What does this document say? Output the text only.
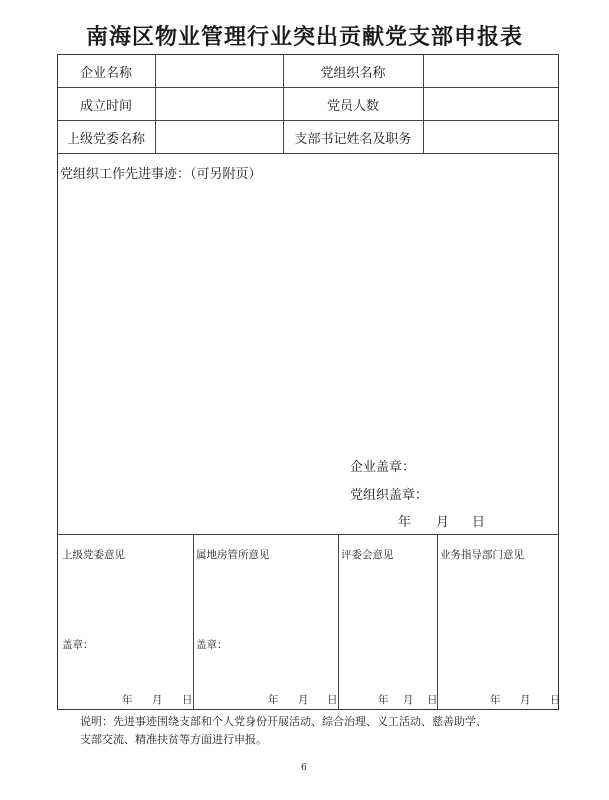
南海区物业管理行业突出贡献党支部申报表
企业名称	党组织名称
成立时间	党员人数
上级党委名称	支部书记姓名及职务
党组织工作先进事迹：（可另附页）
企业盖章：
党组织盖章：
年 月 日
上级党委意见
盖章：
年 月 日
属地房管所意见
盖章：
年 月 日
评委会意见
年 月 日
业务指导部门意见
年 月 日
说明：先进事迹围绕支部和个人党身份开展活动、综合治理、义工活动、慈善助学、
支部交流、精准扶贫等方面进行申报。
6
